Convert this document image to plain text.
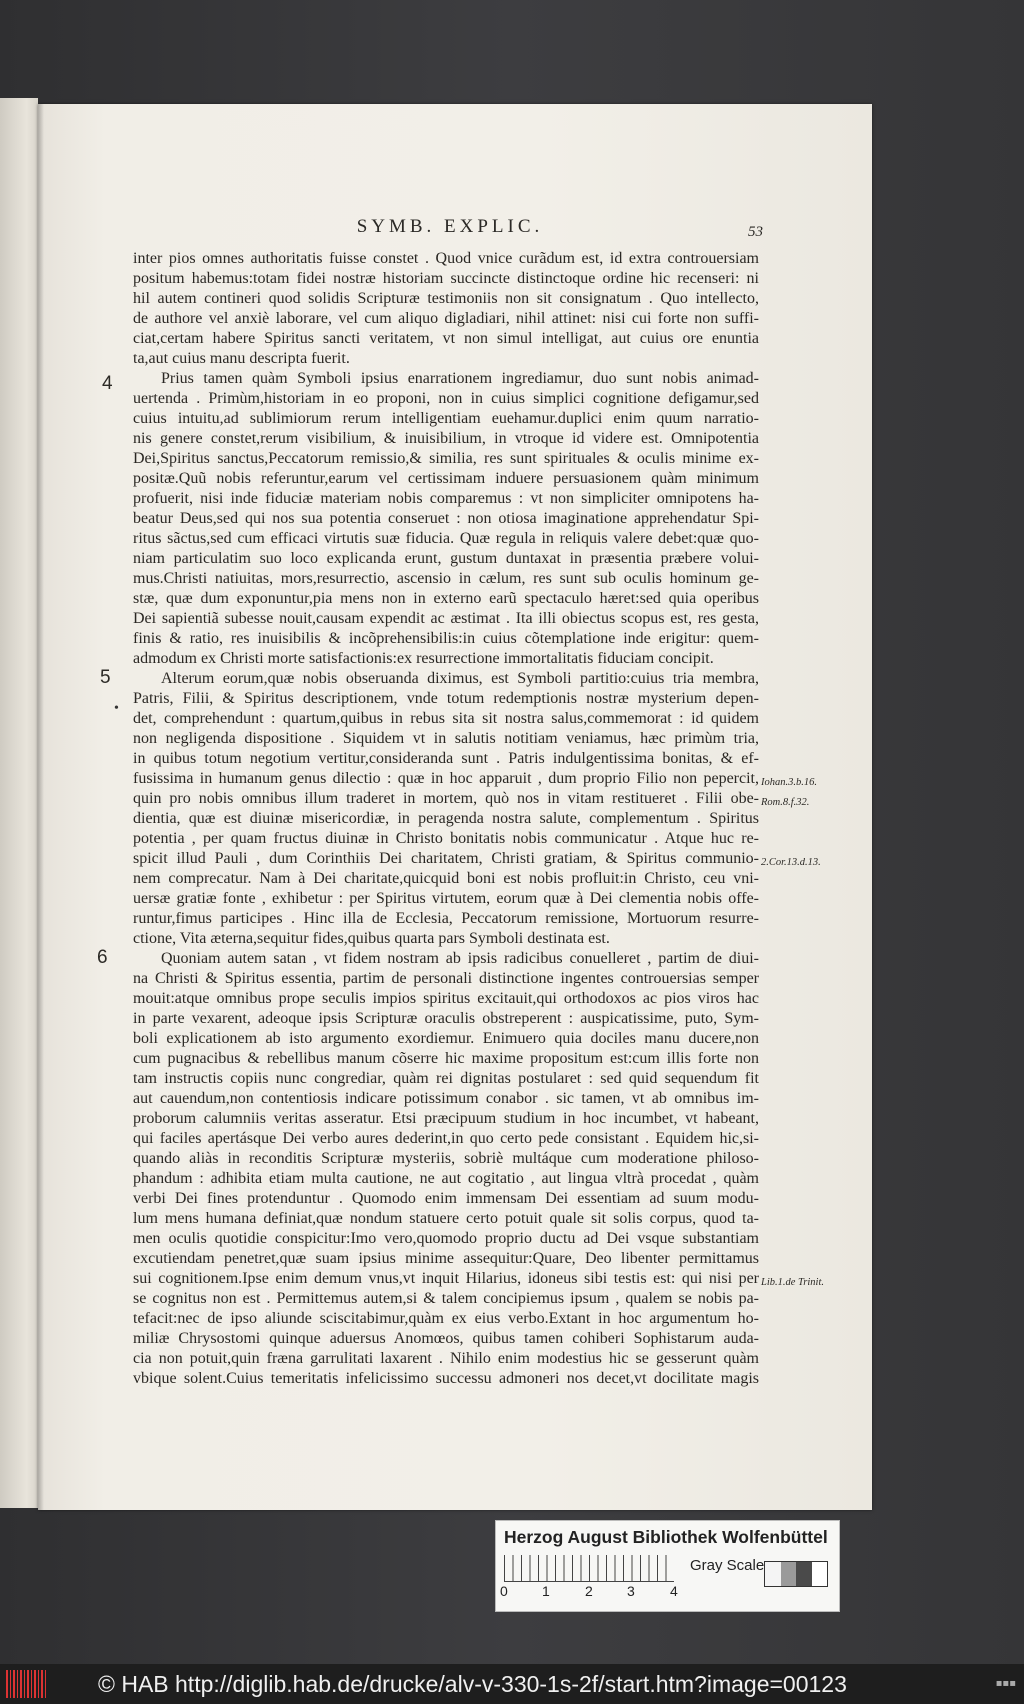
SYMB. EXPLIC.	53
4
5
6
•
inter pios omnes authoritatis fuisse constet . Quod vnice curãdum est, id extra controuersiam
positum habemus:totam fidei nostræ historiam succincte distinctoque ordine hic recenseri: ni
hil autem contineri quod solidis Scripturæ testimoniis non sit consignatum . Quo intellecto,
de authore vel anxiè laborare, vel cum aliquo digladiari, nihil attinet: nisi cui forte non suffi-
ciat,certam habere Spiritus sancti veritatem, vt non simul intelligat, aut cuius ore enuntia
ta,aut cuius manu descripta fuerit.
Prius tamen quàm Symboli ipsius enarrationem ingrediamur, duo sunt nobis animad-
uertenda . Primùm,historiam in eo proponi, non in cuius simplici cognitione defigamur,sed
cuius intuitu,ad sublimiorum rerum intelligentiam euehamur.duplici enim quum narratio-
nis genere constet,rerum visibilium, & inuisibilium, in vtroque id videre est. Omnipotentia
Dei,Spiritus sanctus,Peccatorum remissio,& similia, res sunt spirituales & oculis minime ex-
positæ.Quũ nobis referuntur,earum vel certissimam induere persuasionem quàm minimum
profuerit, nisi inde fiduciæ materiam nobis comparemus : vt non simpliciter omnipotens ha-
beatur Deus,sed qui nos sua potentia conseruet : non otiosa imaginatione apprehendatur Spi-
ritus sãctus,sed cum efficaci virtutis suæ fiducia. Quæ regula in reliquis valere debet:quæ quo-
niam particulatim suo loco explicanda erunt, gustum duntaxat in præsentia præbere volui-
mus.Christi natiuitas, mors,resurrectio, ascensio in cælum, res sunt sub oculis hominum ge-
stæ, quæ dum exponuntur,pia mens non in externo earũ spectaculo hæret:sed quia operibus
Dei sapientiã subesse nouit,causam expendit ac æstimat . Ita illi obiectus scopus est, res gesta,
finis & ratio, res inuisibilis & incõprehensibilis:in cuius cõtemplatione inde erigitur: quem-
admodum ex Christi morte satisfactionis:ex resurrectione immortalitatis fiduciam concipit.
Alterum eorum,quæ nobis obseruanda diximus, est Symboli partitio:cuius tria membra,
Patris, Filii, & Spiritus descriptionem, vnde totum redemptionis nostræ mysterium depen-
det, comprehendunt : quartum,quibus in rebus sita sit nostra salus,commemorat : id quidem
non negligenda dispositione . Siquidem vt in salutis notitiam veniamus, hæc primùm tria,
in quibus totum negotium vertitur,consideranda sunt . Patris indulgentissima bonitas, & ef-
fusissima in humanum genus dilectio : quæ in hoc apparuit , dum proprio Filio non pepercit,
quin pro nobis omnibus illum traderet in mortem, quò nos in vitam restitueret . Filii obe-
dientia, quæ est diuinæ misericordiæ, in peragenda nostra salute, complementum . Spiritus
potentia , per quam fructus diuinæ in Christo bonitatis nobis communicatur . Atque huc re-
spicit illud Pauli , dum Corinthiis Dei charitatem, Christi gratiam, & Spiritus communio-
nem comprecatur. Nam à Dei charitate,quicquid boni est nobis profluit:in Christo, ceu vni-
uersæ gratiæ fonte , exhibetur : per Spiritus virtutem, eorum quæ à Dei clementia nobis offe-
runtur,fimus participes . Hinc illa de Ecclesia, Peccatorum remissione, Mortuorum resurre-
ctione, Vita æterna,sequitur fides,quibus quarta pars Symboli destinata est.
Quoniam autem satan , vt fidem nostram ab ipsis radicibus conuelleret , partim de diui-
na Christi & Spiritus essentia, partim de personali distinctione ingentes controuersias semper
mouit:atque omnibus prope seculis impios spiritus excitauit,qui orthodoxos ac pios viros hac
in parte vexarent, adeoque ipsis Scripturæ oraculis obstreperent : auspicatissime, puto, Sym-
boli explicationem ab isto argumento exordiemur. Enimuero quia dociles manu ducere,non
cum pugnacibus & rebellibus manum cõserre hic maxime propositum est:cum illis forte non
tam instructis copiis nunc congrediar, quàm rei dignitas postularet : sed quid sequendum fit
aut cauendum,non contentiosis indicare potissimum conabor . sic tamen, vt ab omnibus im-
proborum calumniis veritas asseratur. Etsi præcipuum studium in hoc incumbet, vt habeant,
qui faciles apertásque Dei verbo aures dederint,in quo certo pede consistant . Equidem hic,si-
quando aliàs in reconditis Scripturæ mysteriis, sobriè multáque cum moderatione philoso-
phandum : adhibita etiam multa cautione, ne aut cogitatio , aut lingua vltrà procedat , quàm
verbi Dei fines protenduntur . Quomodo enim immensam Dei essentiam ad suum modu-
lum mens humana definiat,quæ nondum statuere certo potuit quale sit solis corpus, quod ta-
men oculis quotidie conspicitur:Imo vero,quomodo proprio ductu ad Dei vsque substantiam
excutiendam penetret,quæ suam ipsius minime assequitur:Quare, Deo libenter permittamus
sui cognitionem.Ipse enim demum vnus,vt inquit Hilarius, idoneus sibi testis est: qui nisi per
se cognitus non est . Permittemus autem,si & talem concipiemus ipsum , qualem se nobis pa-
tefacit:nec de ipso aliunde sciscitabimur,quàm ex eius verbo.Extant in hoc argumentum ho-
miliæ Chrysostomi quinque aduersus Anomœos, quibus tamen cohiberi Sophistarum auda-
cia non potuit,quin fræna garrulitati laxarent . Nihilo enim modestius hic se gesserunt quàm
vbique solent.Cuius temeritatis infelicissimo successu admoneri nos decet,vt docilitate magis
Iohan.3.b.16.
Rom.8.f.32.
2.Cor.13.d.13.
Lib.1.de Trinit.
Herzog August Bibliothek Wolfenbüttel
0 1	2 3	4
Gray Scale
© HAB http://diglib.hab.de/drucke/alv-v-330-1s-2f/start.htm?image=00123	▪▪▪
